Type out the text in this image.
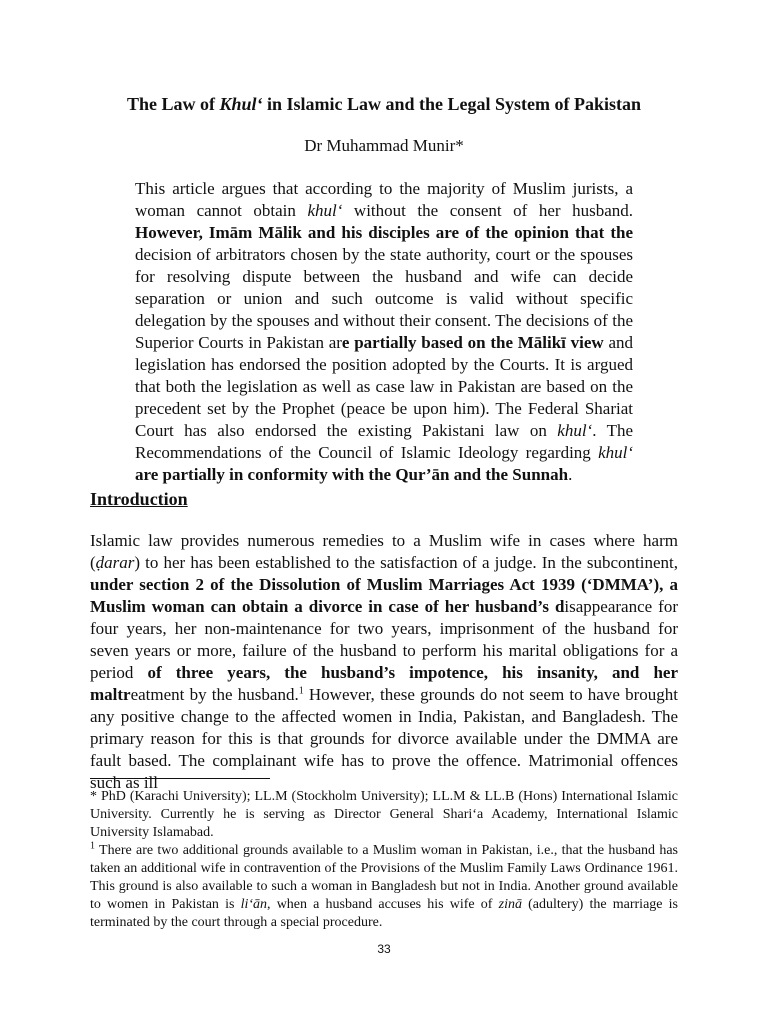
The Law of Khul‘ in Islamic Law and the Legal System of Pakistan
Dr Muhammad Munir*
This article argues that according to the majority of Muslim jurists, a woman cannot obtain khul‘ without the consent of her husband. However, Imām Mālik and his disciples are of the opinion that the decision of arbitrators chosen by the state authority, court or the spouses for resolving dispute between the husband and wife can decide separation or union and such outcome is valid without specific delegation by the spouses and without their consent. The decisions of the Superior Courts in Pakistan are partially based on the Mālikī view and legislation has endorsed the position adopted by the Courts. It is argued that both the legislation as well as case law in Pakistan are based on the precedent set by the Prophet (peace be upon him). The Federal Shariat Court has also endorsed the existing Pakistani law on khul‘. The Recommendations of the Council of Islamic Ideology regarding khul‘ are partially in conformity with the Qur’ān and the Sunnah.
Introduction
Islamic law provides numerous remedies to a Muslim wife in cases where harm (ḍarar) to her has been established to the satisfaction of a judge. In the subcontinent, under section 2 of the Dissolution of Muslim Marriages Act 1939 (‘DMMA’), a Muslim woman can obtain a divorce in case of her husband’s disappearance for four years, her non-maintenance for two years, imprisonment of the husband for seven years or more, failure of the husband to perform his marital obligations for a period of three years, the husband’s impotence, his insanity, and her maltreatment by the husband.$^1$ However, these grounds do not seem to have brought any positive change to the affected women in India, Pakistan, and Bangladesh. The primary reason for this is that grounds for divorce available under the DMMA are fault based. The complainant wife has to prove the offence. Matrimonial offences such as ill

* PhD (Karachi University); LL.M (Stockholm University); LL.M & LL.B (Hons) International Islamic University. Currently he is serving as Director General Shari‘a Academy, International Islamic University Islamabad.

$^1$ There are two additional grounds available to a Muslim woman in Pakistan, i.e., that the husband has taken an additional wife in contravention of the Provisions of the Muslim Family Laws Ordinance 1961. This ground is also available to such a woman in Bangladesh but not in India. Another ground available to women in Pakistan is li‘ān, when a husband accuses his wife of zinā (adultery) the marriage is terminated by the court through a special procedure.

33
